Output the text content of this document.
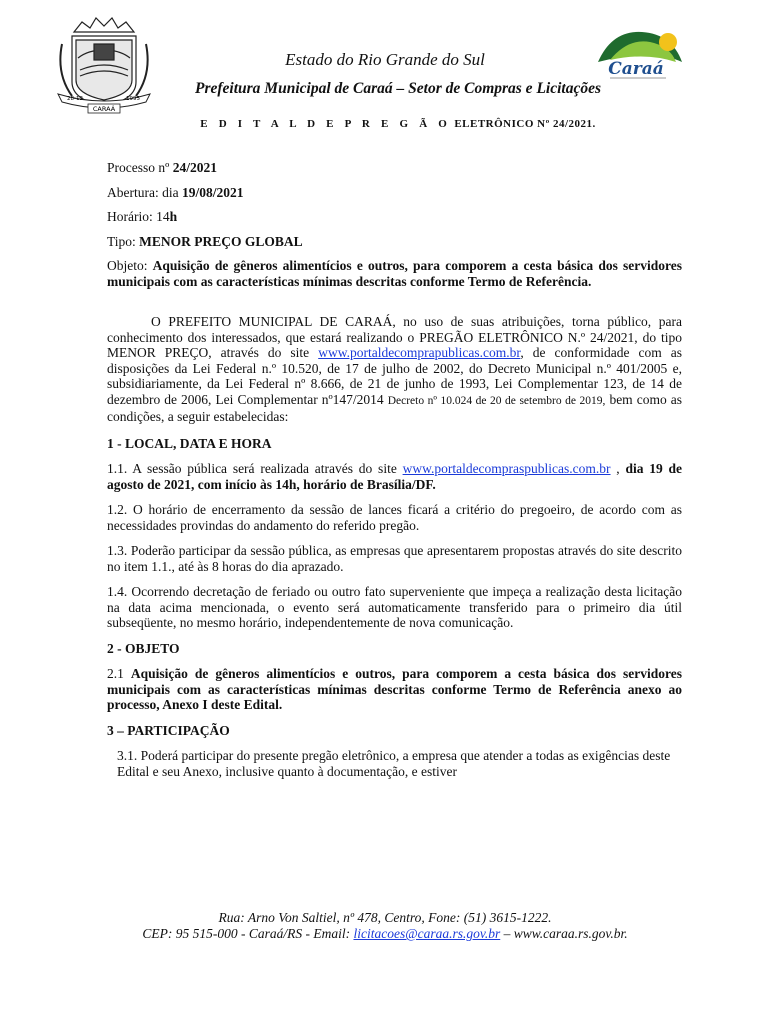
28-12	1995
CARAÁ
Caraá
Estado do Rio Grande do Sul
Prefeitura Municipal de Caraá – Setor de Compras e Licitações
E D I T A L D E P R E G Ã O ELETRÔNICO Nº 24/2021.

Processo nº 24/2021

Abertura: dia 19/08/2021

Horário: 14h

Tipo: MENOR PREÇO GLOBAL

Objeto: Aquisição de gêneros alimentícios e outros, para comporem a cesta básica dos servidores municipais com as características mínimas descritas conforme Termo de Referência.

O PREFEITO MUNICIPAL DE CARAÁ, no uso de suas atribuições, torna público, para conhecimento dos interessados, que estará realizando o PREGÃO ELETRÔNICO N.º 24/2021, do tipo MENOR PREÇO, através do site www.portaldecomprapublicas.com.br, de conformidade com as disposições da Lei Federal n.º 10.520, de 17 de julho de 2002, do Decreto Municipal n.º 401/2005 e, subsidiariamente, da Lei Federal nº 8.666, de 21 de junho de 1993, Lei Complementar 123, de 14 de dezembro de 2006, Lei Complementar nº147/2014 Decreto nº 10.024 de 20 de setembro de 2019, bem como as condições, a seguir estabelecidas:

1 - LOCAL, DATA E HORA

1.1. A sessão pública será realizada através do site www.portaldecompraspublicas.com.br , dia 19 de agosto de 2021, com início às 14h, horário de Brasília/DF.

1.2. O horário de encerramento da sessão de lances ficará a critério do pregoeiro, de acordo com as necessidades provindas do andamento do referido pregão.

1.3. Poderão participar da sessão pública, as empresas que apresentarem propostas através do site descrito no item 1.1., até às 8 horas do dia aprazado.

1.4. Ocorrendo decretação de feriado ou outro fato superveniente que impeça a realização desta licitação na data acima mencionada, o evento será automaticamente transferido para o primeiro dia útil subseqüente, no mesmo horário, independentemente de nova comunicação.

2 - OBJETO

2.1 Aquisição de gêneros alimentícios e outros, para comporem a cesta básica dos servidores municipais com as características mínimas descritas conforme Termo de Referência anexo ao processo, Anexo I deste Edital.

3 – PARTICIPAÇÃO

3.1. Poderá participar do presente pregão eletrônico, a empresa que atender a todas as exigências deste Edital e seu Anexo, inclusive quanto à documentação, e estiver

Rua: Arno Von Saltiel, nº 478, Centro, Fone: (51) 3615-1222.
CEP: 95 515-000 - Caraá/RS - Email: licitacoes@caraa.rs.gov.br – www.caraa.rs.gov.br.
